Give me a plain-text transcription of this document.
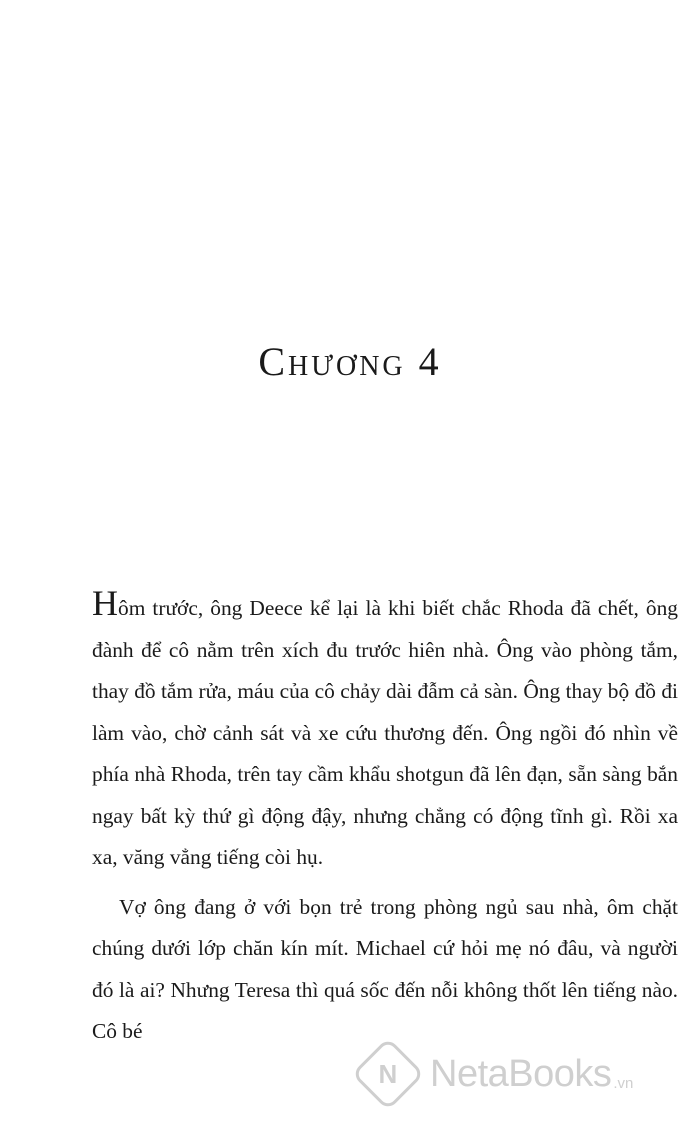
Chương 4

Hôm trước, ông Deece kể lại là khi biết chắc Rhoda đã chết, ông đành để cô nằm trên xích đu trước hiên nhà. Ông vào phòng tắm, thay đồ tắm rửa, máu của cô chảy dài đẫm cả sàn. Ông thay bộ đồ đi làm vào, chờ cảnh sát và xe cứu thương đến. Ông ngồi đó nhìn về phía nhà Rhoda, trên tay cầm khẩu shotgun đã lên đạn, sẵn sàng bắn ngay bất kỳ thứ gì động đậy, nhưng chẳng có động tĩnh gì. Rồi xa xa, văng vẳng tiếng còi hụ.

Vợ ông đang ở với bọn trẻ trong phòng ngủ sau nhà, ôm chặt chúng dưới lớp chăn kín mít. Michael cứ hỏi mẹ nó đâu, và người đó là ai? Nhưng Teresa thì quá sốc đến nỗi không thốt lên tiếng nào. Cô bé

N NetaBooks .vn
